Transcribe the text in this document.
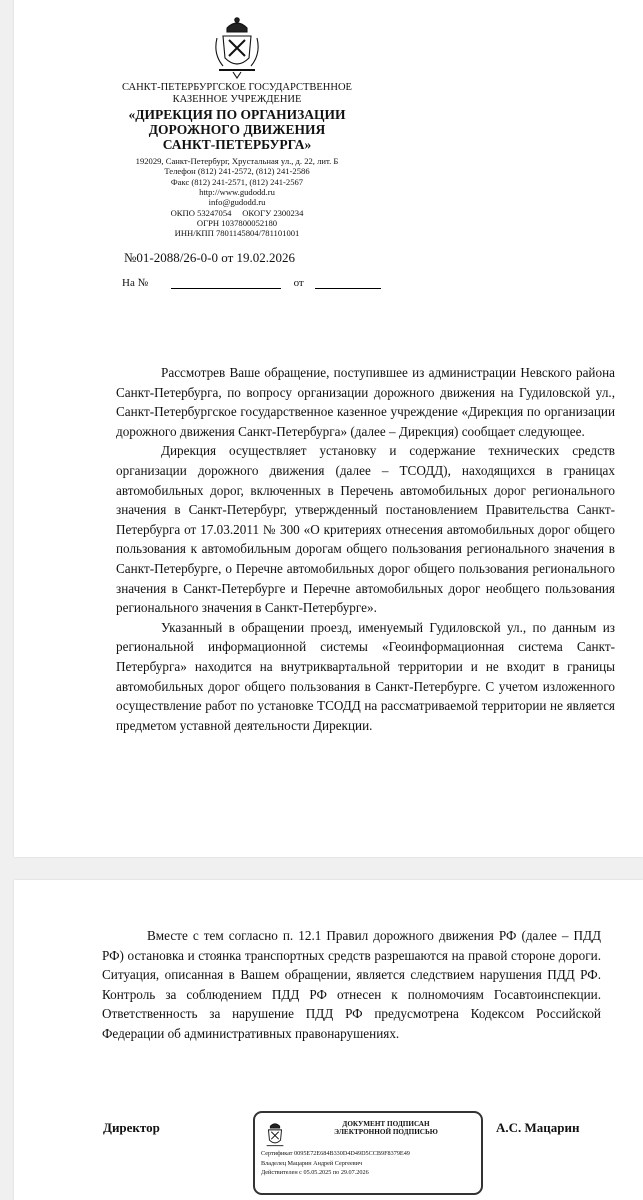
САНКТ-ПЕТЕРБУРГСКОЕ ГОСУДАРСТВЕННОЕ
КАЗЕННОЕ УЧРЕЖДЕНИЕ
«ДИРЕКЦИЯ ПО ОРГАНИЗАЦИИ
ДОРОЖНОГО ДВИЖЕНИЯ
САНКТ-ПЕТЕРБУРГА»
192029, Санкт-Петербург, Хрустальная ул., д. 22, лит. Б
Телефон (812) 241-2572, (812) 241-2586
Факс (812) 241-2571, (812) 241-2567
http://www.gudodd.ru
info@gudodd.ru
ОКПО 53247054     ОКОГУ 2300234
ОГРН 1037800052180
ИНН/КПП 7801145804/781101001
№01-2088/26-0-0 от 19.02.2026
На №	от

Рассмотрев Ваше обращение, поступившее из администрации Невского района Санкт-Петербурга, по вопросу организации дорожного движения на Гудиловской ул., Санкт-Петербургское государственное казенное учреждение «Дирекция по организации дорожного движения Санкт-Петербурга» (далее – Дирекция) сообщает следующее.

Дирекция осуществляет установку и содержание технических средств организации дорожного движения (далее – ТСОДД), находящихся в границах автомобильных дорог, включенных в Перечень автомобильных дорог регионального значения в Санкт-Петербург, утвержденный постановлением Правительства Санкт-Петербурга от 17.03.2011 № 300 «О критериях отнесения автомобильных дорог общего пользования к автомобильным дорогам общего пользования регионального значения в Санкт-Петербурге, о Перечне автомобильных дорог общего пользования регионального значения в Санкт-Петербурге и Перечне автомобильных дорог необщего пользования регионального значения в Санкт-Петербурге».

Указанный в обращении проезд, именуемый Гудиловской ул., по данным из региональной информационной системы «Геоинформационная система Санкт-Петербурга» находится на внутриквартальной территории и не входит в границы автомобильных дорог общего пользования в Санкт-Петербурге. С учетом изложенного осуществление работ по установке ТСОДД на рассматриваемой территории не является предметом уставной деятельности Дирекции.

Вместе с тем согласно п. 12.1 Правил дорожного движения РФ (далее – ПДД РФ) остановка и стоянка транспортных средств разрешаются на правой стороне дороги. Ситуация, описанная в Вашем обращении, является следствием нарушения ПДД РФ. Контроль за соблюдением ПДД РФ отнесен к полномочиям Госавтоинспекции. Ответственность за нарушение ПДД РФ предусмотрена Кодексом Российской Федерации об административных правонарушениях.

Директор	А.С. Мацарин
ДОКУМЕНТ ПОДПИСАН
ЭЛЕКТРОННОЙ ПОДПИСЬЮ
Сертификат 0095E72E684B330D4D49D5CCB9F8379E49
Владелец Мацарин Андрей Сергеевич
Действителен с 05.05.2025 по 29.07.2026
